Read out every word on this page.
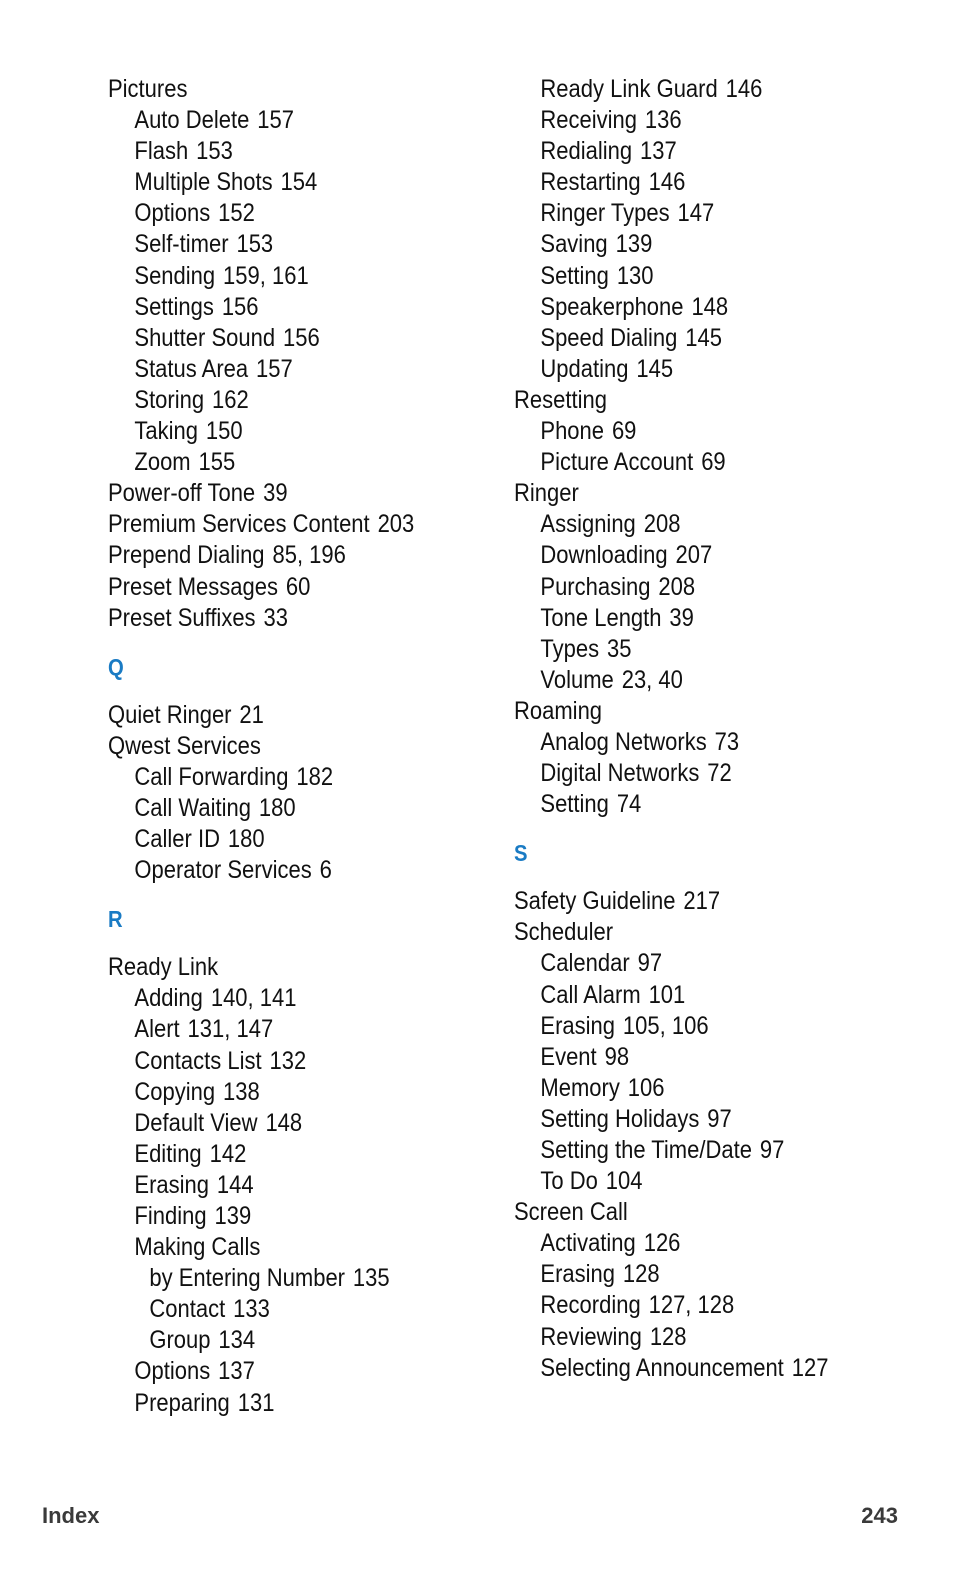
Pictures
Auto Delete 157
Flash 153
Multiple Shots 154
Options 152
Self-timer 153
Sending 159, 161
Settings 156
Shutter Sound 156
Status Area 157
Storing 162
Taking 150
Zoom 155
Power-off Tone 39
Premium Services Content 203
Prepend Dialing 85, 196
Preset Messages 60
Preset Suffixes 33
Q
Quiet Ringer 21
Qwest Services
Call Forwarding 182
Call Waiting 180
Caller ID 180
Operator Services 6
R
Ready Link
Adding 140, 141
Alert 131, 147
Contacts List 132
Copying 138
Default View 148
Editing 142
Erasing 144
Finding 139
Making Calls
by Entering Number 135
Contact 133
Group 134
Options 137
Preparing 131
Ready Link Guard 146
Receiving 136
Redialing 137
Restarting 146
Ringer Types 147
Saving 139
Setting 130
Speakerphone 148
Speed Dialing 145
Updating 145
Resetting
Phone 69
Picture Account 69
Ringer
Assigning 208
Downloading 207
Purchasing 208
Tone Length 39
Types 35
Volume 23, 40
Roaming
Analog Networks 73
Digital Networks 72
Setting 74
S
Safety Guideline 217
Scheduler
Calendar 97
Call Alarm 101
Erasing 105, 106
Event 98
Memory 106
Setting Holidays 97
Setting the Time/Date 97
To Do 104
Screen Call
Activating 126
Erasing 128
Recording 127, 128
Reviewing 128
Selecting Announcement 127
Index	243
